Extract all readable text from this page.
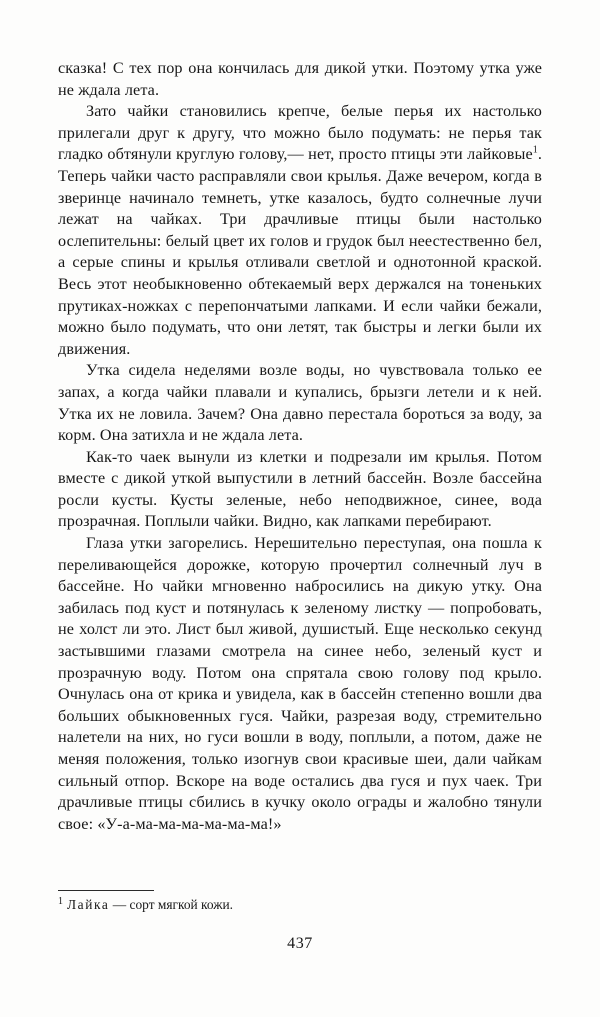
сказка! С тех пор она кончилась для дикой утки. Поэтому утка уже не ждала лета.

Зато чайки становились крепче, белые перья их настолько прилегали друг к другу, что можно было подумать: не перья так гладко обтянули круглую голову,— нет, просто птицы эти лайковые$^1$. Теперь чайки часто расправляли свои крылья. Даже вечером, когда в зверинце начинало темнеть, утке казалось, будто солнечные лучи лежат на чайках. Три драчливые птицы были настолько ослепительны: белый цвет их голов и грудок был неестественно бел, а серые спины и крылья отливали светлой и однотонной краской. Весь этот необыкновенно обтекаемый верх держался на тоненьких прутиках-ножках с перепончатыми лапками. И если чайки бежали, можно было подумать, что они летят, так быстры и легки были их движения.

Утка сидела неделями возле воды, но чувствовала только ее запах, а когда чайки плавали и купались, брызги летели и к ней. Утка их не ловила. Зачем? Она давно перестала бороться за воду, за корм. Она затихла и не ждала лета.

Как-то чаек вынули из клетки и подрезали им крылья. Потом вместе с дикой уткой выпустили в летний бассейн. Возле бассейна росли кусты. Кусты зеленые, небо неподвижное, синее, вода прозрачная. Поплыли чайки. Видно, как лапками перебирают.

Глаза утки загорелись. Нерешительно переступая, она пошла к переливающейся дорожке, которую прочертил солнечный луч в бассейне. Но чайки мгновенно набросились на дикую утку. Она забилась под куст и потянулась к зеленому листку — попробовать, не холст ли это. Лист был живой, душистый. Еще несколько секунд застывшими глазами смотрела на синее небо, зеленый куст и прозрачную воду. Потом она спрятала свою голову под крыло. Очнулась она от крика и увидела, как в бассейн степенно вошли два больших обыкновенных гуся. Чайки, разрезая воду, стремительно налетели на них, но гуси вошли в воду, поплыли, а потом, даже не меняя положения, только изогнув свои красивые шеи, дали чайкам сильный отпор. Вскоре на воде остались два гуся и пух чаек. Три драчливые птицы сбились в кучку около ограды и жалобно тянули свое: «У-а-ма-ма-ма-ма-ма-ма!»

$^1$ Лайка — сорт мягкой кожи.
437
